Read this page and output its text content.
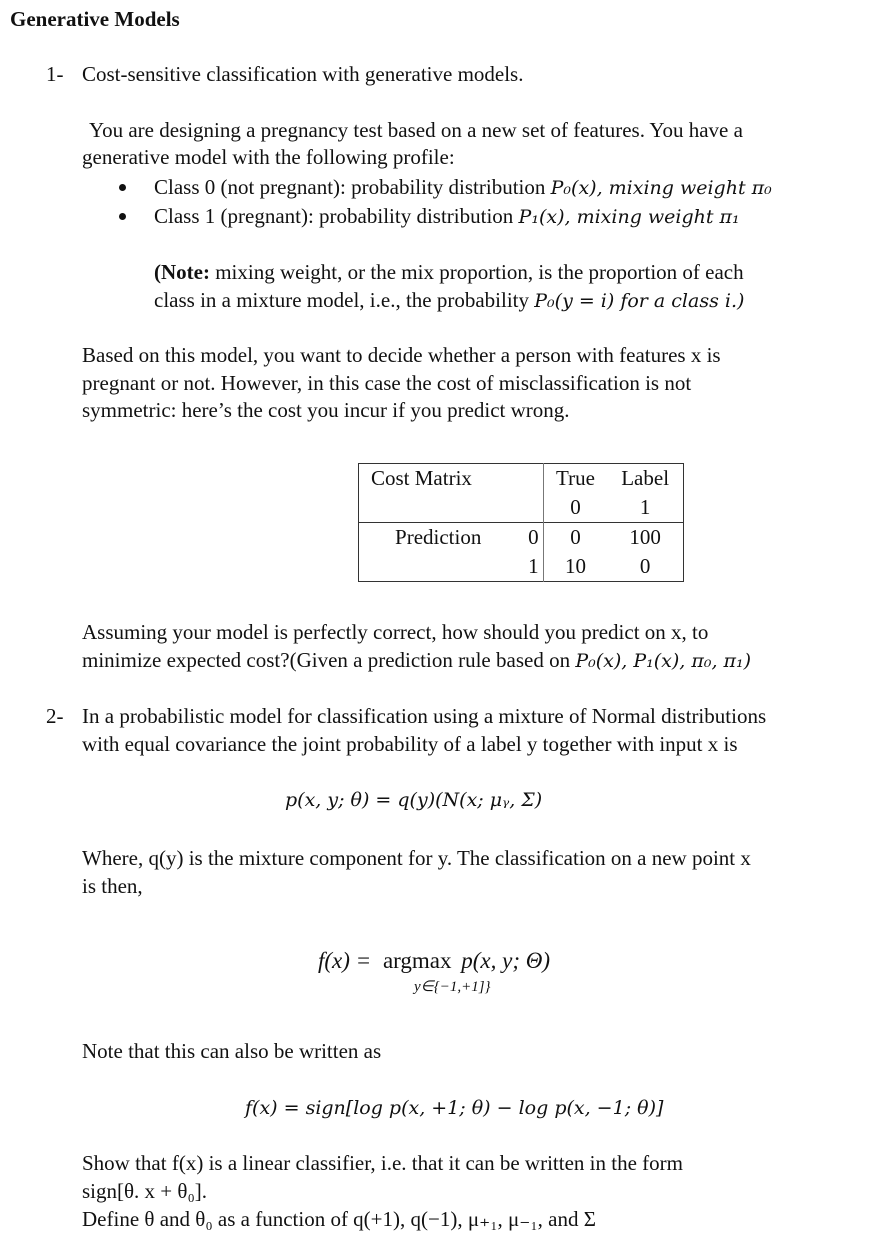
Generative Models
1- Cost-sensitive classification with generative models.
You are designing a pregnancy test based on a new set of features. You have a
generative model with the following profile:
Class 0 (not pregnant): probability distribution P₀(x), mixing weight π₀
Class 1 (pregnant): probability distribution P₁(x), mixing weight π₁
(Note: mixing weight, or the mix proportion, is the proportion of each
class in a mixture model, i.e., the probability P₀(y = i) for a class i.)
Based on this model, you want to decide whether a person with features x is
pregnant or not. However, in this case the cost of misclassification is not
symmetric: here’s the cost you incur if you predict wrong.
Cost Matrix		True	Label
		0	1
Prediction	0	0	100
	1	10	0
Assuming your model is perfectly correct, how should you predict on x, to
minimize expected cost?(Given a prediction rule based on P₀(x), P₁(x), π₀, π₁)
2- In a probabilistic model for classification using a mixture of Normal distributions
with equal covariance the joint probability of a label y together with input x is
p(x, y; θ) = q(y)(N(x; μᵧ, Σ)
Where, q(y) is the mixture component for y. The classification on a new point x
is then,
f(x) = argmax p(x, y; Θ)
y∈{−1,+1]}
Note that this can also be written as
f(x) = sign[log p(x, +1; θ) − log p(x, −1; θ)]
Show that f(x) is a linear classifier, i.e. that it can be written in the form
sign[θ. x + θ₀].
Define θ and θ₀ as a function of q(+1), q(−1), μ₊₁, μ₋₁, and Σ
